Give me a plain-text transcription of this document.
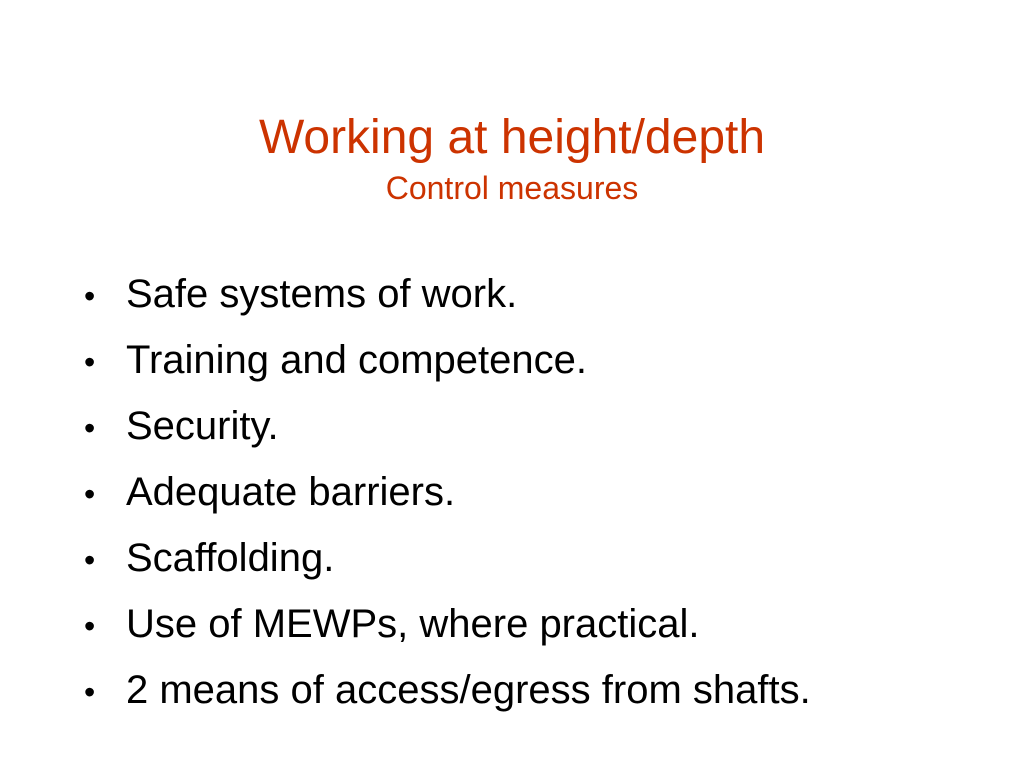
Working at height/depth
Control measures
• Safe systems of work.
• Training and competence.
• Security.
• Adequate barriers.
• Scaffolding.
• Use of MEWPs, where practical.
• 2 means of access/egress from shafts.
